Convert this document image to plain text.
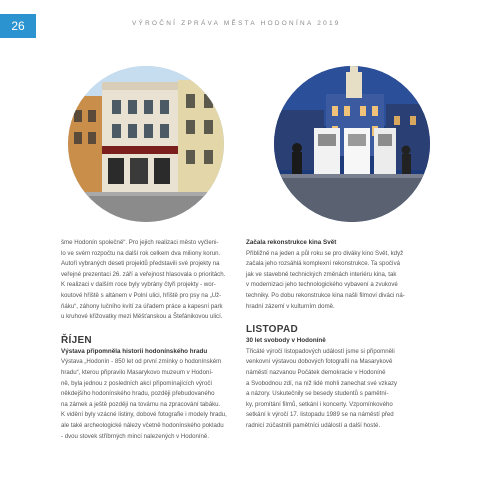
26	VÝROČNÍ ZPRÁVA MĚSTA HODONÍNA 2019

šme Hodonín společně“. Pro jejich realizaci město vyčleni-

lo ve svém rozpočtu na další rok celkem dva miliony korun.

Autoři vybraných deseti projektů představili své projekty na

veřejné prezentaci 26. září a veřejnost hlasovala o prioritách.

K realizaci v dalším roce byly vybrány čtyři projekty - wor-

koutové hřiště s altánem v Polní ulici, hřiště pro psy na „Už-

ňáku“, záhony lučního kvítí za úřadem práce a kapesní park

u kruhové křižovatky mezi Měšťanskou a Štefánikovou ulicí.

ŘÍJEN

Výstava připomněla historii hodonínského hradu

Výstava „Hodonín - 850 let od první zmínky o hodonínském

hradu“, kterou připravilo Masarykovo muzeum v Hodoní-

ně, byla jednou z posledních akcí připomínajících výročí

někdejšího hodonínského hradu, později přebudovaného

na zámek a ještě později na továrnu na zpracování tabáku.

K vidění byly vzácné listiny, dobové fotografie i modely hradu,

ale také archeologické nálezy včetně hodonínského pokladu

- dvou stovek stříbrných mincí nalezených v Hodoníně.

Začala rekonstrukce kina Svět

Přibližně na jeden a půl roku se pro diváky kino Svět, když

začala jeho rozsáhlá komplexní rekonstrukce. Ta spočívá

jak ve stavebně technických změnách interiéru kina, tak

v modernizaci jeho technologického vybavení a zvukové

techniky. Po dobu rekonstrukce kina našli filmoví diváci ná-

hradní zázemí v kulturním domě.

LISTOPAD

30 let svobody v Hodoníně

Třicáté výročí listopadových událostí jsme si připomněli

venkovní výstavou dobových fotografií na Masarykově

náměstí nazvanou Počátek demokracie v Hodoníně

a Svobodnou zdí, na níž lidé mohli zanechat své vzkazy

a názory. Uskutečnily se besedy studentů s pamětní-

ky, promítání filmů, setkání i koncerty. Vzpomínkového

setkání k výročí 17. listopadu 1989 se na náměstí před

radnicí zúčastnili pamětníci událostí a další hosté.
